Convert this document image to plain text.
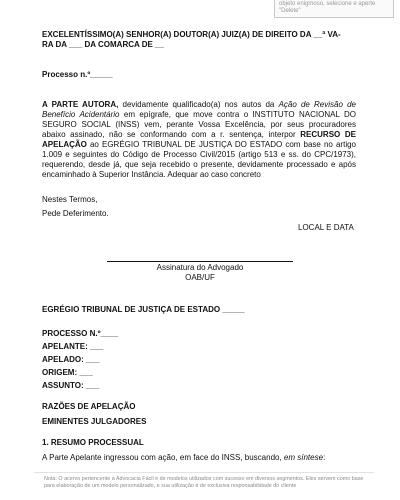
objeto enigmoso, selecione e aperte "Delete"
EXCELENTÍSSIMO(A) SENHOR(A) DOUTOR(A) JUIZ(A) DE DIREITO DA __ª VA-
RA DA ___ DA COMARCA DE __
Processo n.º_____
A PARTE AUTORA, devidamente qualificado(a) nos autos da Ação de Revisão de Benefício Acidentário em epígrafe, que move contra o INSTITUTO NACIONAL DO SEGURO SOCIAL (INSS) vem, perante Vossa Excelência, por seus procuradores abaixo assinado, não se conformando com a r. sentença, interpor RECURSO DE APELAÇÃO ao EGRÉGIO TRIBUNAL DE JUSTIÇA DO ESTADO com base no artigo 1.009 e seguintes do Código de Processo Civil/2015 (artigo 513 e ss. do CPC/1973), requerendo, desde já, que seja recebido o presente, devidamente processado e após encaminhado à Superior Instância. Adequar ao caso concreto
Nestes Termos,
Pede Deferimento.
LOCAL E DATA
Assinatura do Advogado
OAB/UF
EGRÉGIO TRIBUNAL DE JUSTIÇA DE ESTADO _____
PROCESSO N.º____
APELANTE: ___
APELADO: ___
ORIGEM: ___
ASSUNTO: ___
RAZÕES DE APELAÇÃO
EMINENTES JULGADORES
1. RESUMO PROCESSUAL
A Parte Apelante ingressou com ação, em face do INSS, buscando, em síntese:
Nota: O acervo pertencente a Advocacia Fácil é de modelos utilizados com sucesso em diversos segmentos. Eles servem como base para elaboração de um modelo personalizado, e sua utilização é de exclusiva responsabilidade do cliente
